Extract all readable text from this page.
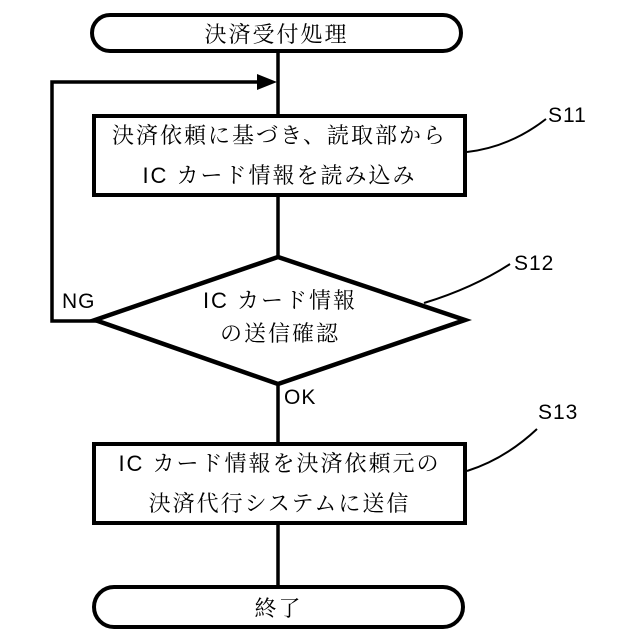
決済受付処理
決済依頼に基づき、読取部から
IC カード情報を読み込み
S11
IC カード情報
の送信確認
S12
NG
OK
IC カード情報を決済依頼元の
決済代行システムに送信
S13
終了
